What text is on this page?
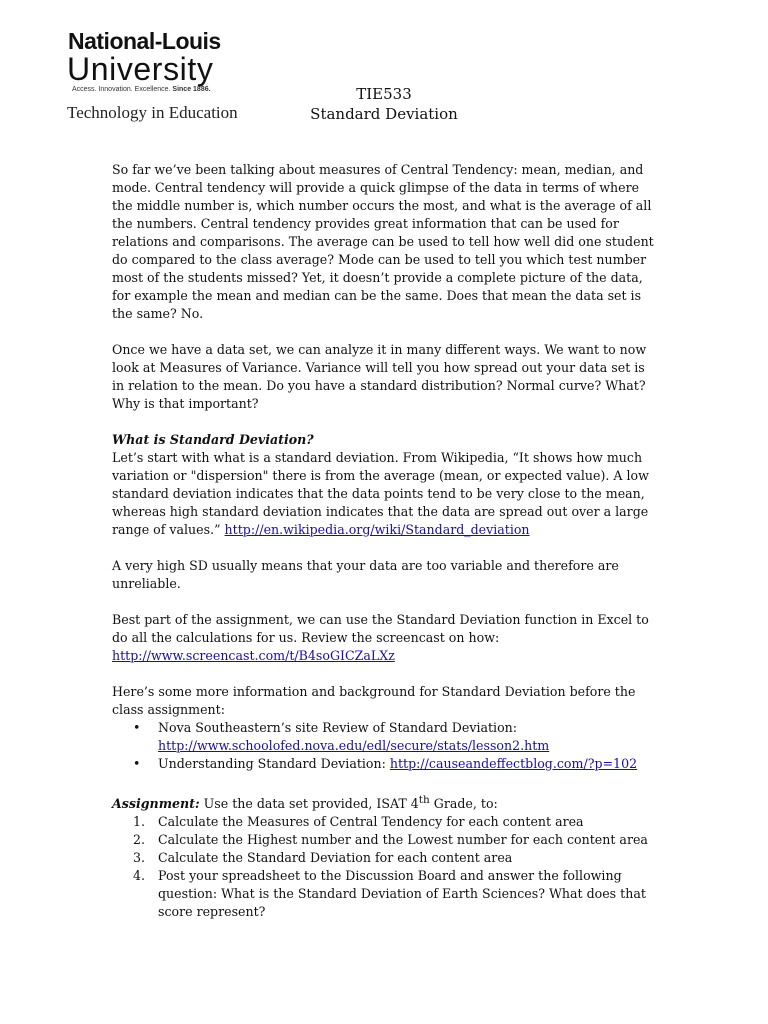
National-Louis
University
Access. Innovation. Excellence. Since 1886.
Technology in Education
TIE533
Standard Deviation

So far we’ve been talking about measures of Central Tendency: mean, median, and mode. Central tendency will provide a quick glimpse of the data in terms of where the middle number is, which number occurs the most, and what is the average of all the numbers. Central tendency provides great information that can be used for relations and comparisons. The average can be used to tell how well did one student do compared to the class average? Mode can be used to tell you which test number most of the students missed? Yet, it doesn’t provide a complete picture of the data, for example the mean and median can be the same. Does that mean the data set is the same? No.

Once we have a data set, we can analyze it in many different ways. We want to now look at Measures of Variance. Variance will tell you how spread out your data set is in relation to the mean. Do you have a standard distribution? Normal curve? What? Why is that important?

What is Standard Deviation?

Let’s start with what is a standard deviation. From Wikipedia, “It shows how much variation or "dispersion" there is from the average (mean, or expected value). A low standard deviation indicates that the data points tend to be very close to the mean, whereas high standard deviation indicates that the data are spread out over a large range of values.” http://en.wikipedia.org/wiki/Standard_deviation

A very high SD usually means that your data are too variable and therefore are unreliable.

Best part of the assignment, we can use the Standard Deviation function in Excel to do all the calculations for us. Review the screencast on how:
http://www.screencast.com/t/B4soGICZaLXz

Here’s some more information and background for Standard Deviation before the class assignment:

• Nova Southeastern’s site Review of Standard Deviation:
http://www.schoolofed.nova.edu/edl/secure/stats/lesson2.htm
• Understanding Standard Deviation: http://causeandeffectblog.com/?p=102
Assignment: Use the data set provided, ISAT 4th Grade, to:
1. Calculate the Measures of Central Tendency for each content area
2. Calculate the Highest number and the Lowest number for each content area
3. Calculate the Standard Deviation for each content area
4. Post your spreadsheet to the Discussion Board and answer the following question: What is the Standard Deviation of Earth Sciences? What does that score represent?
